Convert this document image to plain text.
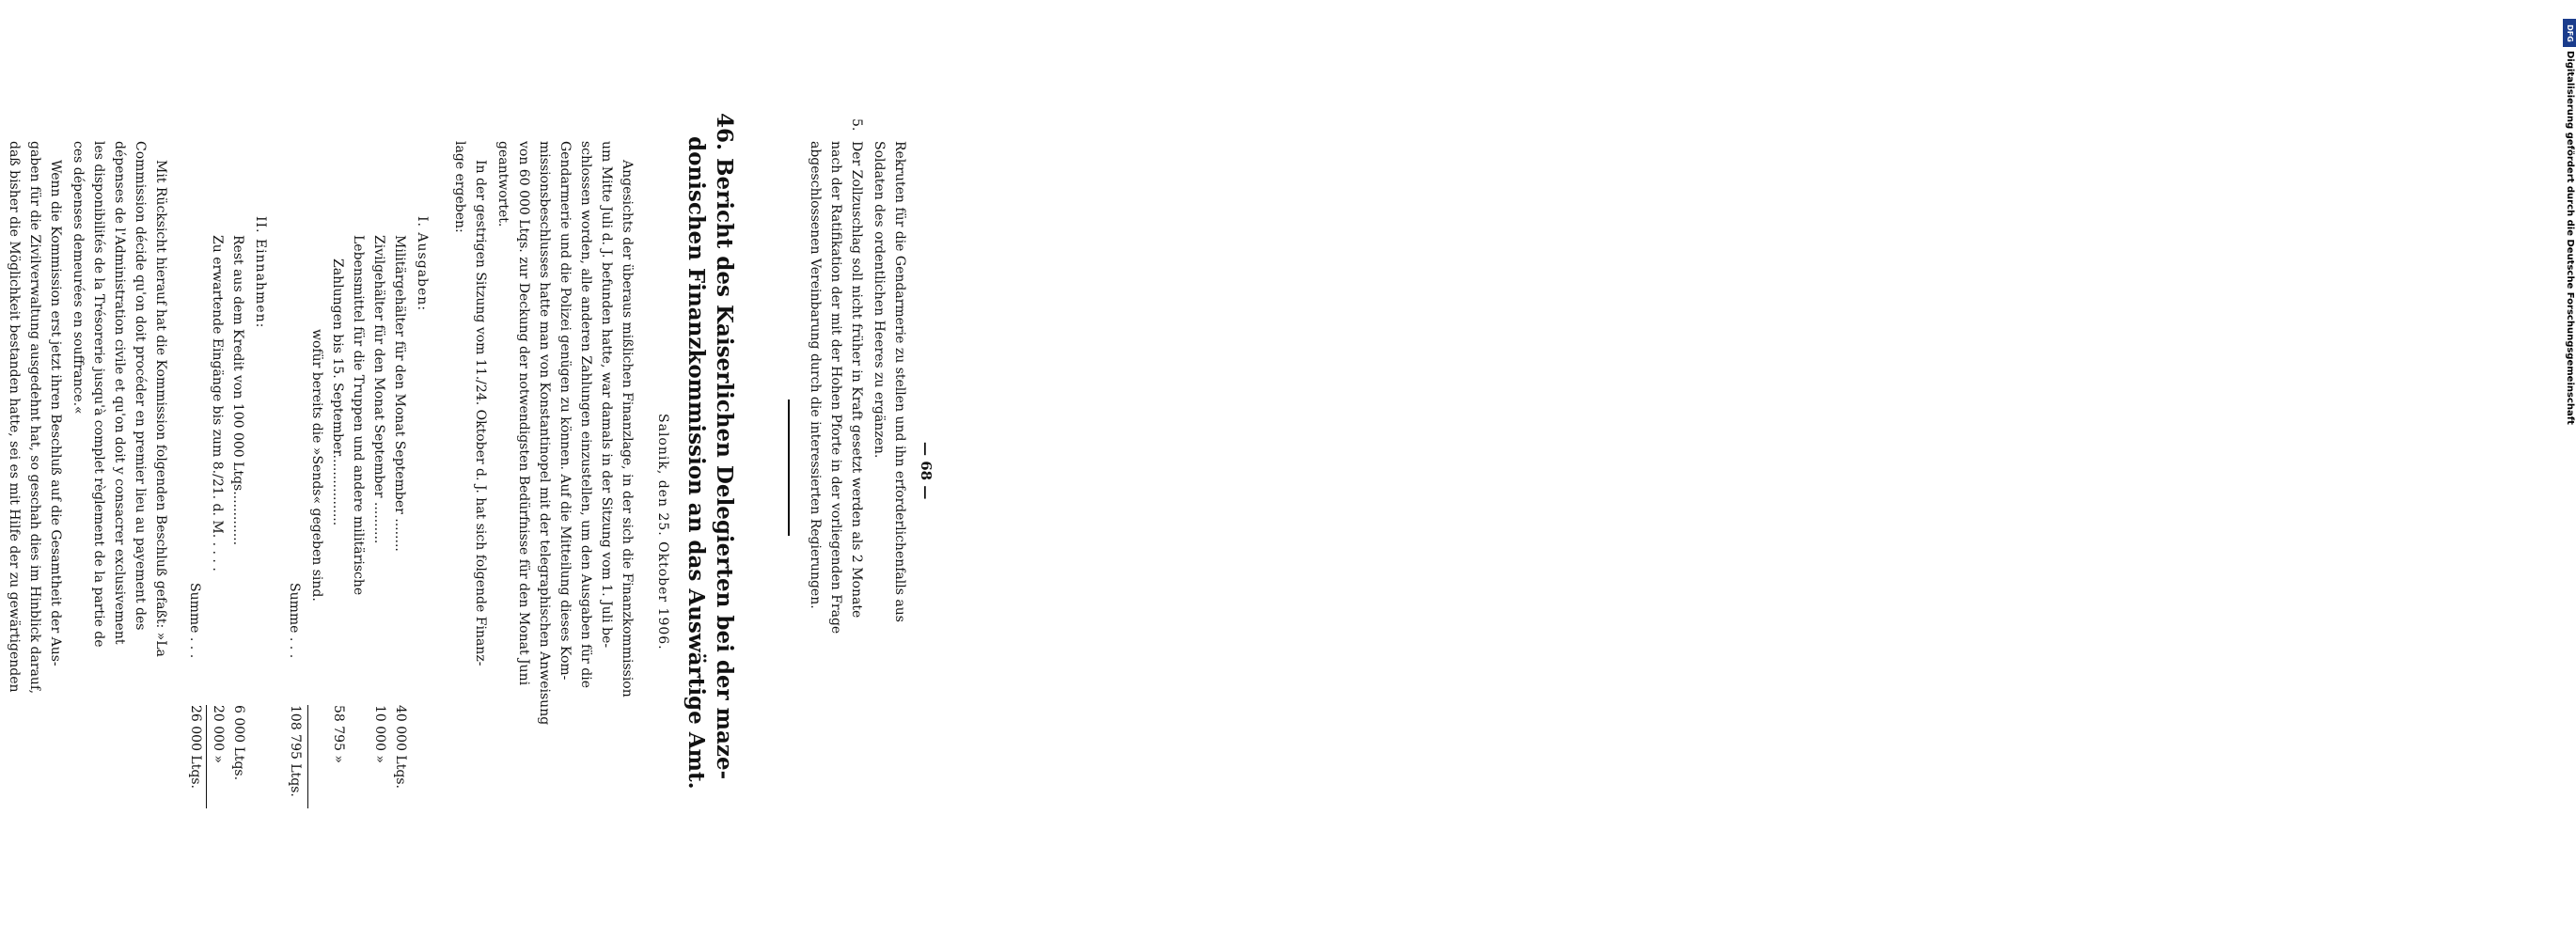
DFG
Digitalisierung gefördert durch die Deutsche Forschungsgemeinschaft
— 68 —
Rekruten für die Gendarmerie zu stellen und ihn erforderlichenfalls aus
Soldaten des ordentlichen Heeres zu ergänzen.
5.
Der Zollzuschlag soll nicht früher in Kraft gesetzt werden als 2 Monate
nach der Ratifikation der mit der Hohen Pforte in der vorliegenden Frage
abgeschlossenen Vereinbarung durch die interessierten Regierungen.
46. Bericht des Kaiserlichen Delegierten bei der maze-
donischen Finanzkommission an das Auswärtige Amt.
Salonik, den 25. Oktober 1906.
Angesichts der überaus mißlichen Finanzlage, in der sich die Finanzkommission
um Mitte Juli d. J. befunden hatte, war damals in der Sitzung vom 1. Juli be-
schlossen worden, alle anderen Zahlungen einzustellen, um den Ausgaben für die
Gendarmerie und die Polizei genügen zu können. Auf die Mitteilung dieses Kom-
missionsbeschlusses hatte man von Konstantinopel mit der telegraphischen Anweisung
von 60 000 Ltqs. zur Deckung der notwendigsten Bedürfnisse für den Monat Juni
geantwortet.
In der gestrigen Sitzung vom 11./24. Oktober d. J. hat sich folgende Finanz-
lage ergeben:
I. Ausgaben:
Militärgehälter für den Monat September ........
40 000 Ltqs.
Zivilgehälter für den Monat September ..........
10 000 »
Lebensmittel für die Truppen und andere militärische
Zahlungen bis 15. September.................
58 795 »
wofür bereits die »Sends« gegeben sind.
Summe . . .
108 795 Ltqs.
II. Einnahmen:
Rest aus dem Kredit von 100 000 Ltqs.............
6 000 Ltqs.
Zu erwartende Eingänge bis zum 8./21. d. M. . . . .
20 000 »
Summe . . .
26 000 Ltqs.
Mit Rücksicht hierauf hat die Kommission folgenden Beschluß gefaßt: »La
Commission décide qu'on doit procéder en premier lieu au payement des
dépenses de l'Administration civile et qu'on doit y consacrer exclusivement
les disponibilités de la Trésorerie jusqu'à complet règlement de la partie de
ces dépenses demeurées en souffrance.«
Wenn die Kommission erst jetzt ihren Beschluß auf die Gesamtheit der Aus-
gaben für die Zivilverwaltung ausgedehnt hat, so geschah dies im Hinblick darauf,
daß bisher die Möglichkeit bestanden hatte, sei es mit Hilfe der zu gewärtigenden
